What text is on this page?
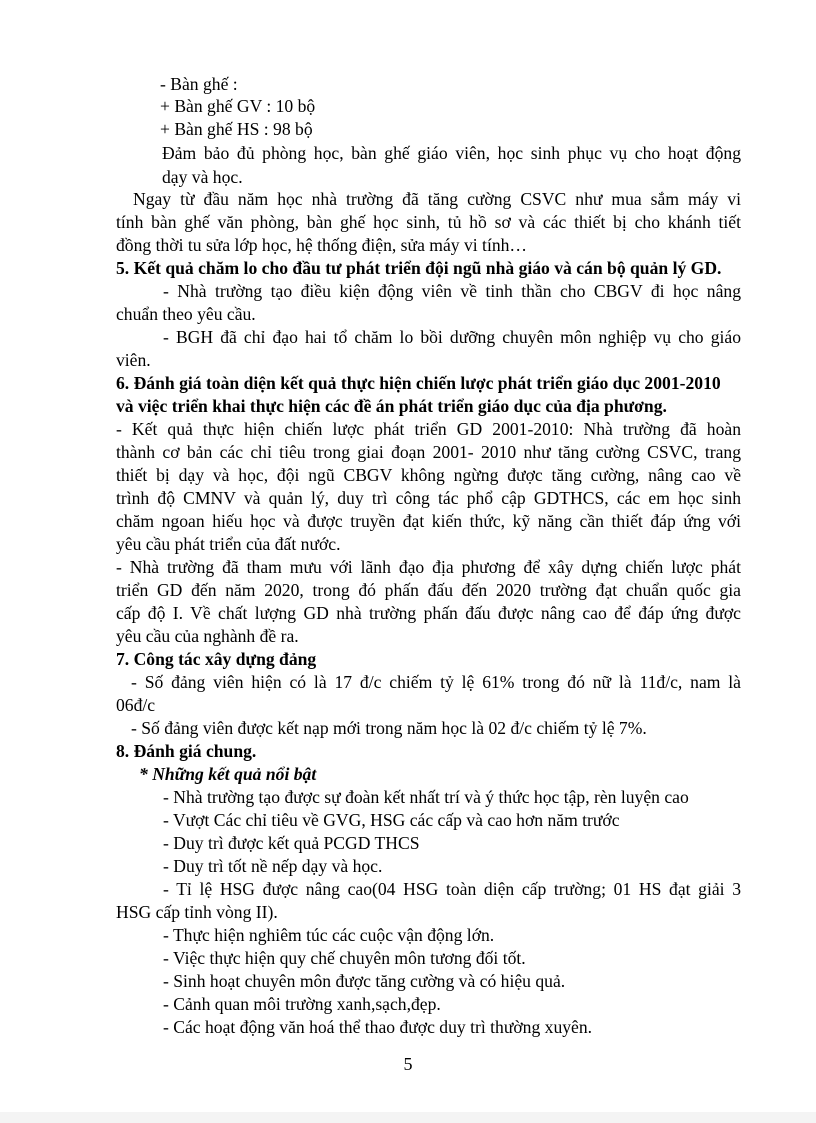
- Bàn ghế :

+ Bàn ghế GV : 10 bộ

+ Bàn ghế HS : 98 bộ

Đảm bảo đủ phòng học, bàn ghế giáo viên, học sinh phục vụ cho hoạt động

dạy và học.

Ngay từ đầu năm học nhà trường đã tăng cường CSVC như mua sắm máy vi

tính bàn ghế văn phòng, bàn ghế học sinh, tủ hồ sơ và các thiết bị cho khánh tiết

đồng thời tu sửa lớp học, hệ thống điện, sửa máy vi tính…

5. Kết quả chăm lo cho đầu tư phát triển đội ngũ nhà giáo và cán bộ quản lý GD.

- Nhà trường tạo điều kiện động viên về tinh thần cho CBGV đi học nâng

chuẩn theo yêu cầu.

- BGH đã chỉ đạo hai tổ chăm lo bồi dưỡng chuyên môn nghiệp vụ cho giáo

viên.

6. Đánh giá toàn diện kết quả thực hiện chiến lược phát triển giáo dục 2001-2010

và việc triển khai thực hiện các đề án phát triển giáo dục của địa phương.

- Kết quả thực hiện chiến lược phát triển GD 2001-2010: Nhà trường đã hoàn

thành cơ bản các chỉ tiêu trong giai đoạn 2001- 2010 như tăng cường CSVC, trang

thiết bị dạy và học, đội ngũ CBGV không ngừng được tăng cường, nâng cao về

trình độ CMNV và quản lý, duy trì công tác phổ cập GDTHCS, các em học sinh

chăm ngoan hiếu học và được truyền đạt kiến thức, kỹ năng cần thiết đáp ứng với

yêu cầu phát triển của đất nước.

- Nhà trường đã tham mưu với lãnh đạo địa phương để xây dựng chiến lược phát

triển GD đến năm 2020, trong đó phấn đấu đến 2020 trường đạt chuẩn quốc gia

cấp độ I. Về chất lượng GD nhà trường phấn đấu được nâng cao để đáp ứng được

yêu cầu của nghành đề ra.

7. Công tác xây dựng đảng

- Số đảng viên hiện có là 17 đ/c chiếm tỷ lệ 61% trong đó nữ là 11đ/c, nam là

06đ/c

- Số đảng viên được kết nạp mới trong năm học là 02 đ/c chiếm tỷ lệ 7%.

8. Đánh giá chung.

* Những kết quả nổi bật

- Nhà trường tạo được sự đoàn kết nhất trí và ý thức học tập, rèn luyện cao

- Vượt Các chỉ tiêu về GVG, HSG các cấp và cao hơn năm trước

- Duy trì được kết quả PCGD THCS

- Duy trì tốt nề nếp dạy và học.

- Tỉ lệ HSG được nâng cao(04 HSG toàn diện cấp trường; 01 HS đạt giải 3

HSG cấp tỉnh vòng II).

- Thực hiện nghiêm túc các cuộc vận động lớn.

- Việc thực hiện quy chế chuyên môn tương đối tốt.

- Sinh hoạt chuyên môn được tăng cường và có hiệu quả.

- Cảnh quan môi trường xanh,sạch,đẹp.

- Các hoạt động văn hoá thể thao được duy trì thường xuyên.

5
